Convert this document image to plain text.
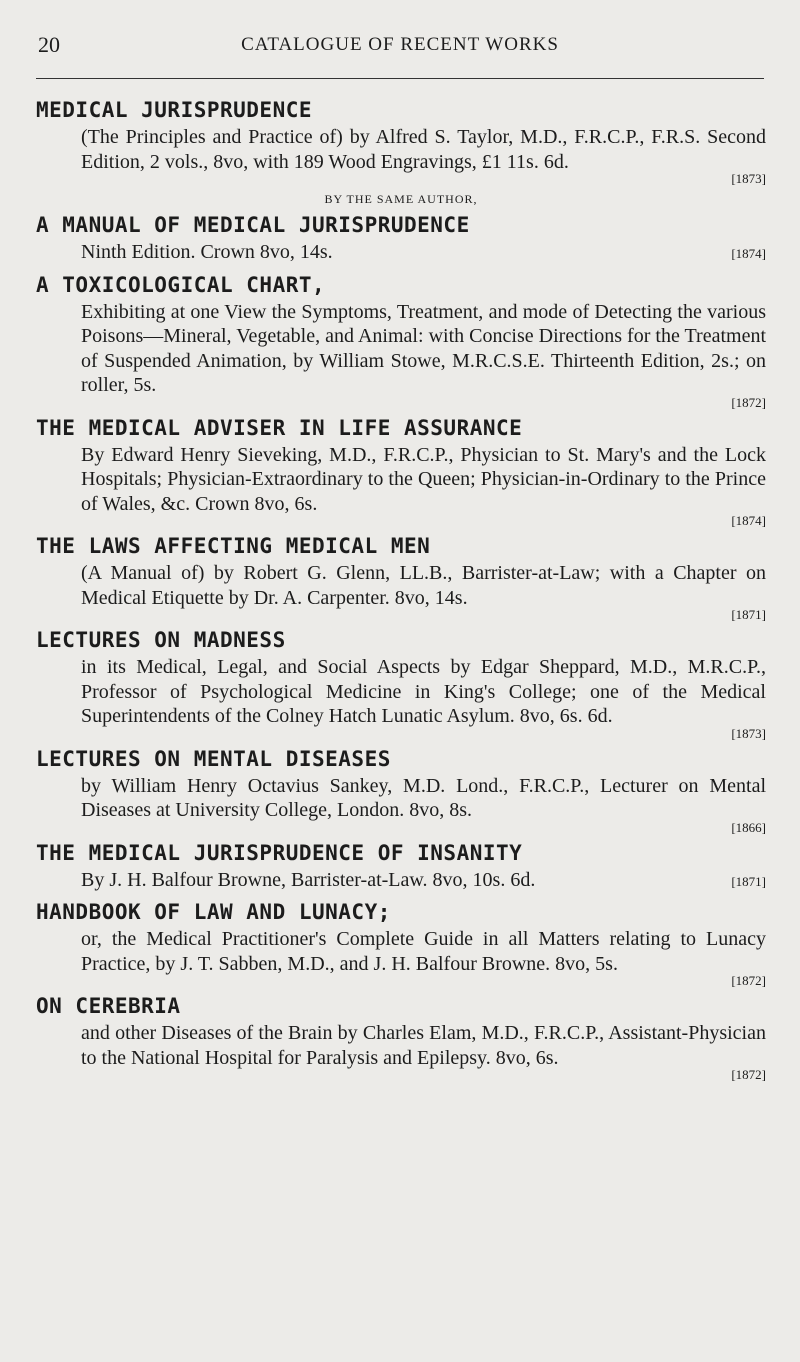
20	CATALOGUE OF RECENT WORKS
MEDICAL JURISPRUDENCE
(The Principles and Practice of) by Alfred S. Taylor, M.D., F.R.C.P., F.R.S. Second Edition, 2 vols., 8vo, with 189 Wood Engravings, £1 11s. 6d.
[1873]
BY THE SAME AUTHOR,
A MANUAL OF MEDICAL JURISPRUDENCE
Ninth Edition. Crown 8vo, 14s.	[1874]
A TOXICOLOGICAL CHART,
Exhibiting at one View the Symptoms, Treatment, and mode of Detecting the various Poisons—Mineral, Vegetable, and Animal: with Concise Directions for the Treatment of Suspended Animation, by William Stowe, M.R.C.S.E. Thirteenth Edition, 2s.; on roller, 5s.
[1872]
THE MEDICAL ADVISER IN LIFE ASSURANCE
By Edward Henry Sieveking, M.D., F.R.C.P., Physician to St. Mary's and the Lock Hospitals; Physician-Extraordinary to the Queen; Physician-in-Ordinary to the Prince of Wales, &c. Crown 8vo, 6s.
[1874]
THE LAWS AFFECTING MEDICAL MEN
(A Manual of) by Robert G. Glenn, LL.B., Barrister-at-Law; with a Chapter on Medical Etiquette by Dr. A. Carpenter. 8vo, 14s.
[1871]
LECTURES ON MADNESS
in its Medical, Legal, and Social Aspects by Edgar Sheppard, M.D., M.R.C.P., Professor of Psychological Medicine in King's College; one of the Medical Superintendents of the Colney Hatch Lunatic Asylum. 8vo, 6s. 6d.
[1873]
LECTURES ON MENTAL DISEASES
by William Henry Octavius Sankey, M.D. Lond., F.R.C.P., Lecturer on Mental Diseases at University College, London. 8vo, 8s.
[1866]
THE MEDICAL JURISPRUDENCE OF INSANITY
By J. H. Balfour Browne, Barrister-at-Law. 8vo, 10s. 6d.	[1871]
HANDBOOK OF LAW AND LUNACY;
or, the Medical Practitioner's Complete Guide in all Matters relating to Lunacy Practice, by J. T. Sabben, M.D., and J. H. Balfour Browne. 8vo, 5s.
[1872]
ON CEREBRIA
and other Diseases of the Brain by Charles Elam, M.D., F.R.C.P., Assistant-Physician to the National Hospital for Paralysis and Epilepsy. 8vo, 6s.
[1872]
